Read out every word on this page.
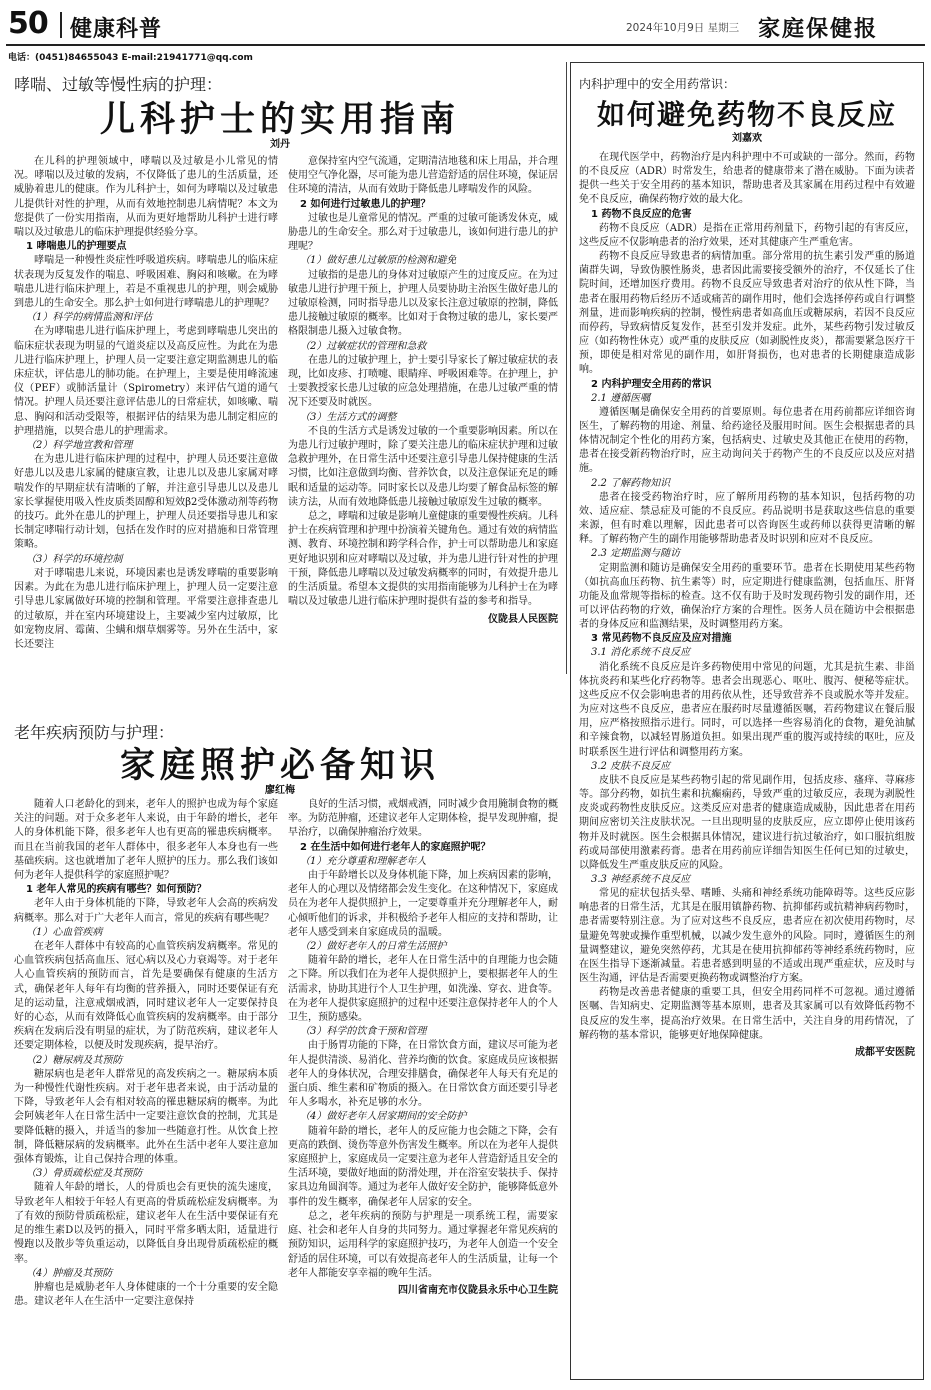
50 健康科普	2024年10月9日 星期三 家庭保健报
电话：(0451)84655043 E-mail:21941771@qq.com
哮喘、过敏等慢性病的护理：
儿科护士的实用指南
刘丹

在儿科的护理领域中，哮喘以及过敏是小儿常见的情况。哮喘以及过敏的发病，不仅降低了患儿的生活质量，还威胁着患儿的健康。作为儿科护士，如何为哮喘以及过敏患儿提供针对性的护理，从而有效地控制患儿病情呢？本文为您提供了一份实用指南，从而为更好地帮助儿科护士进行哮喘以及过敏患儿的临床护理提供经验分享。

1 哮喘患儿的护理要点

哮喘是一种慢性炎症性呼吸道疾病。哮喘患儿的临床症状表现为反复发作的喘息、呼吸困难、胸闷和咳嗽。在为哮喘患儿进行临床护理上，若是不重视患儿的护理，则会威胁到患儿的生命安全。那么护士如何进行哮喘患儿的护理呢？

（1）科学的病情监测和评估

在为哮喘患儿进行临床护理上，考虑到哮喘患儿突出的临床症状表现为明显的气道炎症以及高反应性。为此在为患儿进行临床护理上，护理人员一定要注意定期监测患儿的临床症状，评估患儿的肺功能。在护理上，主要是使用峰流速仪（PEF）或肺活量计（Spirometry）来评估气道的通气情况。护理人员还要注意评估患儿的日常症状，如咳嗽、喘息、胸闷和活动受限等，根据评估的结果为患儿制定相应的护理措施，以契合患儿的护理需求。

（2）科学地宣教和管理

在为患儿进行临床护理的过程中，护理人员还要注意做好患儿以及患儿家属的健康宣教，让患儿以及患儿家属对哮喘发作的早期症状有清晰的了解，并注意引导患儿以及患儿家长掌握使用吸入性皮质类固醇和短效β2受体激动剂等药物的技巧。此外在患儿的护理上，护理人员还要指导患儿和家长制定哮喘行动计划，包括在发作时的应对措施和日常管理策略。

（3）科学的环境控制

对于哮喘患儿来说，环境因素也是诱发哮喘的重要影响因素。为此在为患儿进行临床护理上，护理人员一定要注意引导患儿家属做好环境的控制和管理。平常要注意排查患儿的过敏原，并在室内环境建设上，主要减少室内过敏原，比如宠物皮屑、霉菌、尘螨和烟草烟雾等。另外在生活中，家长还要注

意保持室内空气流通，定期清洁地毯和床上用品，并合理使用空气净化器，尽可能为患儿营造舒适的居住环境，保证居住环境的清洁，从而有效助于降低患儿哮喘发作的风险。

2 如何进行过敏患儿的护理？

过敏也是儿童常见的情况。严重的过敏可能诱发休克，威胁患儿的生命安全。那么对于过敏患儿，该如何进行患儿的护理呢？

（1）做好患儿过敏原的检测和避免

过敏指的是患儿的身体对过敏原产生的过度反应。在为过敏患儿进行护理干预上，护理人员要协助主治医生做好患儿的过敏原检测，同时指导患儿以及家长注意过敏原的控制，降低患儿接触过敏原的概率。比如对于食物过敏的患儿，家长要严格限制患儿摄入过敏食物。

（2）过敏症状的管理和急救

在患儿的过敏护理上，护士要引导家长了解过敏症状的表现，比如皮疹、打喷嚏、眼睛痒、呼吸困难等。在护理上，护士要教授家长患儿过敏的应急处理措施，在患儿过敏严重的情况下还要及时就医。

（3）生活方式的调整

不良的生活方式是诱发过敏的一个重要影响因素。所以在为患儿行过敏护理时，除了要关注患儿的临床症状护理和过敏急救护理外，在日常生活中还要注意引导患儿保持健康的生活习惯，比如注意做到均衡、营养饮食，以及注意保证充足的睡眠和适量的运动等。同时家长以及患儿均要了解食品标签的解读方法，从而有效地降低患儿接触过敏原发生过敏的概率。

总之，哮喘和过敏是影响儿童健康的重要慢性疾病。儿科护士在疾病管理和护理中扮演着关键角色。通过有效的病情监测、教育、环境控制和跨学科合作，护士可以帮助患儿和家庭更好地识别和应对哮喘以及过敏，并为患儿进行针对性的护理干预，降低患儿哮喘以及过敏发病概率的同时，有效提升患儿的生活质量。希望本文提供的实用指南能够为儿科护士在为哮喘以及过敏患儿进行临床护理时提供有益的参考和指导。

仪陇县人民医院

老年疾病预防与护理：
家庭照护必备知识
廖红梅

随着人口老龄化的到来，老年人的照护也成为每个家庭关注的问题。对于众多老年人来说，由于年龄的增长，老年人的身体机能下降，很多老年人也有更高的罹患疾病概率。而且在当前我国的老年人群体中，很多老年人本身也有一些基础疾病。这也就增加了老年人照护的压力。那么我们该如何为老年人提供科学的家庭照护呢？

1 老年人常见的疾病有哪些？如何预防？

老年人由于身体机能的下降，导致老年人会高的疾病发病概率。那么对于广大老年人而言，常见的疾病有哪些呢？

（1）心血管疾病

在老年人群体中有较高的心血管疾病发病概率。常见的心血管疾病包括高血压、冠心病以及心力衰竭等。对于老年人心血管疾病的预防而言，首先是要确保有健康的生活方式，确保老年人每年有均衡的营养摄入，同时还要保证有充足的运动量，注意戒烟戒酒，同时建议老年人一定要保持良好的心态，从而有效降低心血管疾病的发病概率。由于部分疾病在发病后没有明显的症状，为了防范疾病，建议老年人还要定期体检，以便及时发现疾病，提早治疗。

（2）糖尿病及其预防

糖尿病也是老年人群常见的高发疾病之一。糖尿病本质为一种慢性代谢性疾病。对于老年患者来说，由于活动量的下降，导致老年人会有相对较高的罹患糖尿病的概率。为此会阿姨老年人在日常生活中一定要注意饮食的控制，尤其是要降低糖的摄入，并适当的参加一些随意打性。从饮食上控制，降低糖尿病的发病概率。此外在生活中老年人要注意加强体育锻炼，让自己保持合理的体重。

（3）骨质疏松症及其预防

随着人年龄的增长，人的骨质也会有更快的流失速度，导致老年人相较于年轻人有更高的骨质疏松症发病概率。为了有效的预防骨质疏松症，建议老年人在生活中要保证有充足的维生素D以及钙的摄入，同时平常多晒太阳，适量进行慢跑以及散步等负重运动，以降低自身出现骨质疏松症的概率。

（4）肿瘤及其预防

肿瘤也是威胁老年人身体健康的一个十分重要的安全隐患。建议老年人在生活中一定要注意保持

良好的生活习惯，戒烟戒酒，同时减少食用腌制食物的概率。为防范肿瘤，还建议老年人定期体检，提早发现肿瘤，提早治疗，以确保肿瘤治疗效果。

2 在生活中如何进行老年人的家庭照护呢？

（1）充分尊重和理解老年人

由于年龄增长以及身体机能下降，加上疾病因素的影响，老年人的心理以及情绪都会发生变化。在这种情况下，家庭成员在为老年人提供照护上，一定要尊重并充分理解老年人，耐心倾听他们的诉求，并积极给予老年人相应的支持和帮助，让老年人感受到来自家庭成员的温暖。

（2）做好老年人的日常生活照护

随着年龄的增长，老年人在日常生活中的自理能力也会随之下降。所以我们在为老年人提供照护上，要根据老年人的生活需求，协助其进行个人卫生护理，如洗澡、穿衣、进食等。在为老年人提供家庭照护的过程中还要注意保持老年人的个人卫生，预防感染。

（3）科学的饮食干预和管理

由于肠胃功能的下降，在日常饮食方面，建议尽可能为老年人提供清淡、易消化、营养均衡的饮食。家庭成员应该根据老年人的身体状况，合理安排膳食，确保老年人每天有充足的蛋白质、维生素和矿物质的摄入。在日常饮食方面还要引导老年人多喝水，补充足够的水分。

（4）做好老年人居家期间的安全防护

随着年龄的增长，老年人的反应能力也会随之下降，会有更高的跌倒、烫伤等意外伤害发生概率。所以在为老年人提供家庭照护上，家庭成员一定要注意为老年人营造舒适且安全的生活环境，要做好地面的防滑处理，并在浴室安装扶手、保持家具边角圆润等。通过为老年人做好安全防护，能够降低意外事件的发生概率，确保老年人居家的安全。

总之，老年疾病的预防与护理是一项系统工程，需要家庭、社会和老年人自身的共同努力。通过掌握老年常见疾病的预防知识，运用科学的家庭照护技巧，为老年人创造一个安全舒适的居住环境，可以有效提高老年人的生活质量，让每一个老年人都能安享幸福的晚年生活。

四川省南充市仪陇县永乐中心卫生院

内科护理中的安全用药常识：
如何避免药物不良反应
刘嘉欢

在现代医学中，药物治疗是内科护理中不可或缺的一部分。然而，药物的不良反应（ADR）时常发生，给患者的健康带来了潜在威胁。下面为读者提供一些关于安全用药的基本知识，帮助患者及其家属在用药过程中有效避免不良反应，确保药物疗效的最大化。

1 药物不良反应的危害

药物不良反应（ADR）是指在正常用药剂量下，药物引起的有害反应，这些反应不仅影响患者的治疗效果，还对其健康产生严重危害。

药物不良反应导致患者的病情加重。部分常用的抗生素引发严重的肠道菌群失调，导致伪膜性肠炎，患者因此需要接受额外的治疗，不仅延长了住院时间，还增加医疗费用。药物不良反应导致患者对治疗的依从性下降，当患者在服用药物后经历不适或痛苦的副作用时，他们会选择停药或自行调整剂量，进而影响疾病的控制，慢性病患者如高血压或糖尿病，若因不良反应而停药，导致病情反复发作，甚至引发并发症。此外，某些药物引发过敏反应（如药物性休克）或严重的皮肤反应（如剥脱性皮炎），都需要紧急医疗干预，即使是相对常见的副作用，如肝肾损伤，也对患者的长期健康造成影响。

2 内科护理安全用药的常识

2.1 遵循医嘱

遵循医嘱是确保安全用药的首要原则。每位患者在用药前都应详细咨询医生，了解药物的用途、剂量、给药途径及服用时间。医生会根据患者的具体情况制定个性化的用药方案，包括病史、过敏史及其他正在使用的药物，患者在接受新药物治疗时，应主动询问关于药物产生的不良反应以及应对措施。

2.2 了解药物知识

患者在接受药物治疗时，应了解所用药物的基本知识，包括药物的功效、适应症、禁忌症及可能的不良反应。药品说明书是获取这些信息的重要来源，但有时难以理解，因此患者可以咨询医生或药师以获得更清晰的解释。了解药物产生的副作用能够帮助患者及时识别和应对不良反应。

2.3 定期监测与随访

定期监测和随访是确保安全用药的重要环节。患者在长期使用某些药物（如抗高血压药物、抗生素等）时，应定期进行健康监测，包括血压、肝肾功能及血常规等指标的检查。这不仅有助于及时发现药物引发的副作用，还可以评估药物的疗效，确保治疗方案的合理性。医务人员在随访中会根据患者的身体反应和监测结果，及时调整用药方案。

3 常见药物不良反应及应对措施

3.1 消化系统不良反应

消化系统不良反应是许多药物使用中常见的问题，尤其是抗生素、非甾体抗炎药和某些化疗药物等。患者会出现恶心、呕吐、腹泻、便秘等症状。这些反应不仅会影响患者的用药依从性，还导致营养不良或脱水等并发症。为应对这些不良反应，患者应在服药时尽量遵循医嘱，若药物建议在餐后服用，应严格按照指示进行。同时，可以选择一些容易消化的食物，避免油腻和辛辣食物，以减轻胃肠道负担。如果出现严重的腹泻或持续的呕吐，应及时联系医生进行评估和调整用药方案。

3.2 皮肤不良反应

皮肤不良反应是某些药物引起的常见副作用，包括皮疹、瘙痒、荨麻疹等。部分药物，如抗生素和抗癫痫药，导致严重的过敏反应，表现为剥脱性皮炎或药物性皮肤反应。这类反应对患者的健康造成威胁，因此患者在用药期间应密切关注皮肤状况。一旦出现明显的皮肤反应，应立即停止使用该药物并及时就医。医生会根据具体情况，建议进行抗过敏治疗，如口服抗组胺药或局部使用激素药膏。患者在用药前应详细告知医生任何已知的过敏史，以降低发生严重皮肤反应的风险。

3.3 神经系统不良反应

常见的症状包括头晕、嗜睡、头痛和神经系统功能障碍等。这些反应影响患者的日常生活，尤其是在服用镇静药物、抗抑郁药或抗精神病药物时，患者需要特别注意。为了应对这些不良反应，患者应在初次使用药物时，尽量避免驾驶或操作重型机械，以减少发生意外的风险。同时，遵循医生的剂量调整建议，避免突然停药，尤其是在使用抗抑郁药等神经系统药物时，应在医生指导下逐渐减量。若患者感到明显的不适或出现严重症状，应及时与医生沟通，评估是否需要更换药物或调整治疗方案。

药物是改善患者健康的重要工具，但安全用药同样不可忽视。通过遵循医嘱、告知病史、定期监测等基本原则，患者及其家属可以有效降低药物不良反应的发生率，提高治疗效果。在日常生活中，关注自身的用药情况，了解药物的基本常识，能够更好地保障健康。

成都平安医院
